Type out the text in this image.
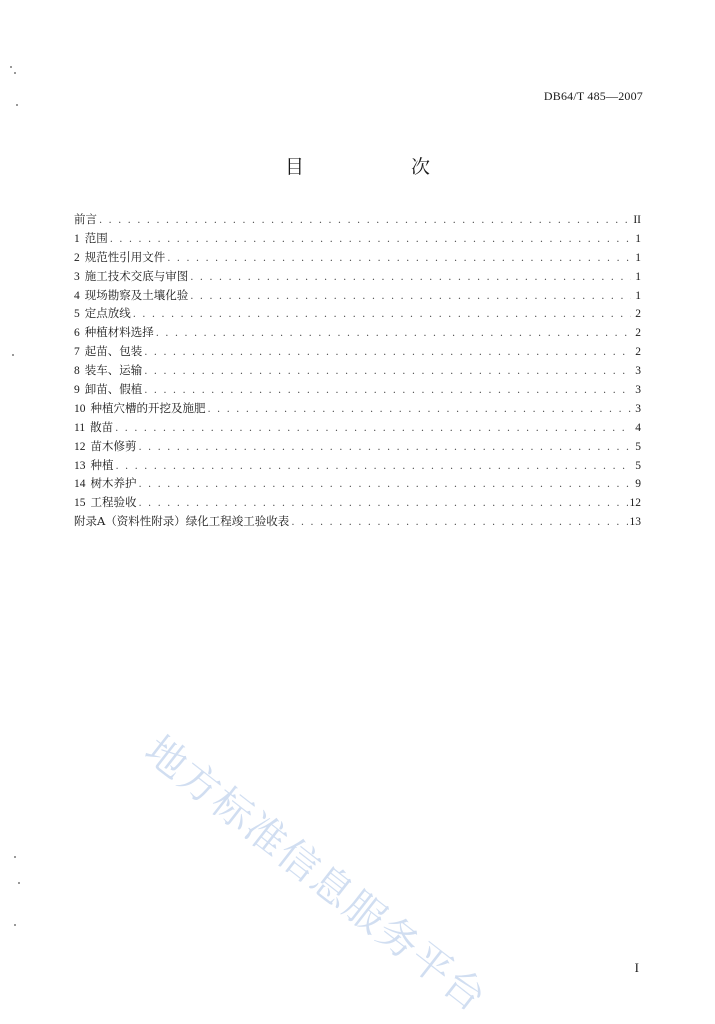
DB64/T 485—2007
目　次
前言 . . .	II
1 范围 . . .	1
2 规范性引用文件 . . .	1
3 施工技术交底与审图 . . .	1
4 现场勘察及土壤化验 . . .	1
5 定点放线 . . .	2
6 种植材料选择 . . .	2
7 起苗、包装 . . .	2
8 装车、运输 . . .	3
9 卸苗、假植 . . .	3
10 种植穴槽的开挖及施肥 . . .	3
11 散苗 . . .	4
12 苗木修剪 . . .	5
13 种植 . . .	5
14 树木养护 . . .	9
15 工程验收 . . .	12
附录A（资料性附录）绿化工程竣工验收表 . . .	13
地方标准信息服务平台	I
